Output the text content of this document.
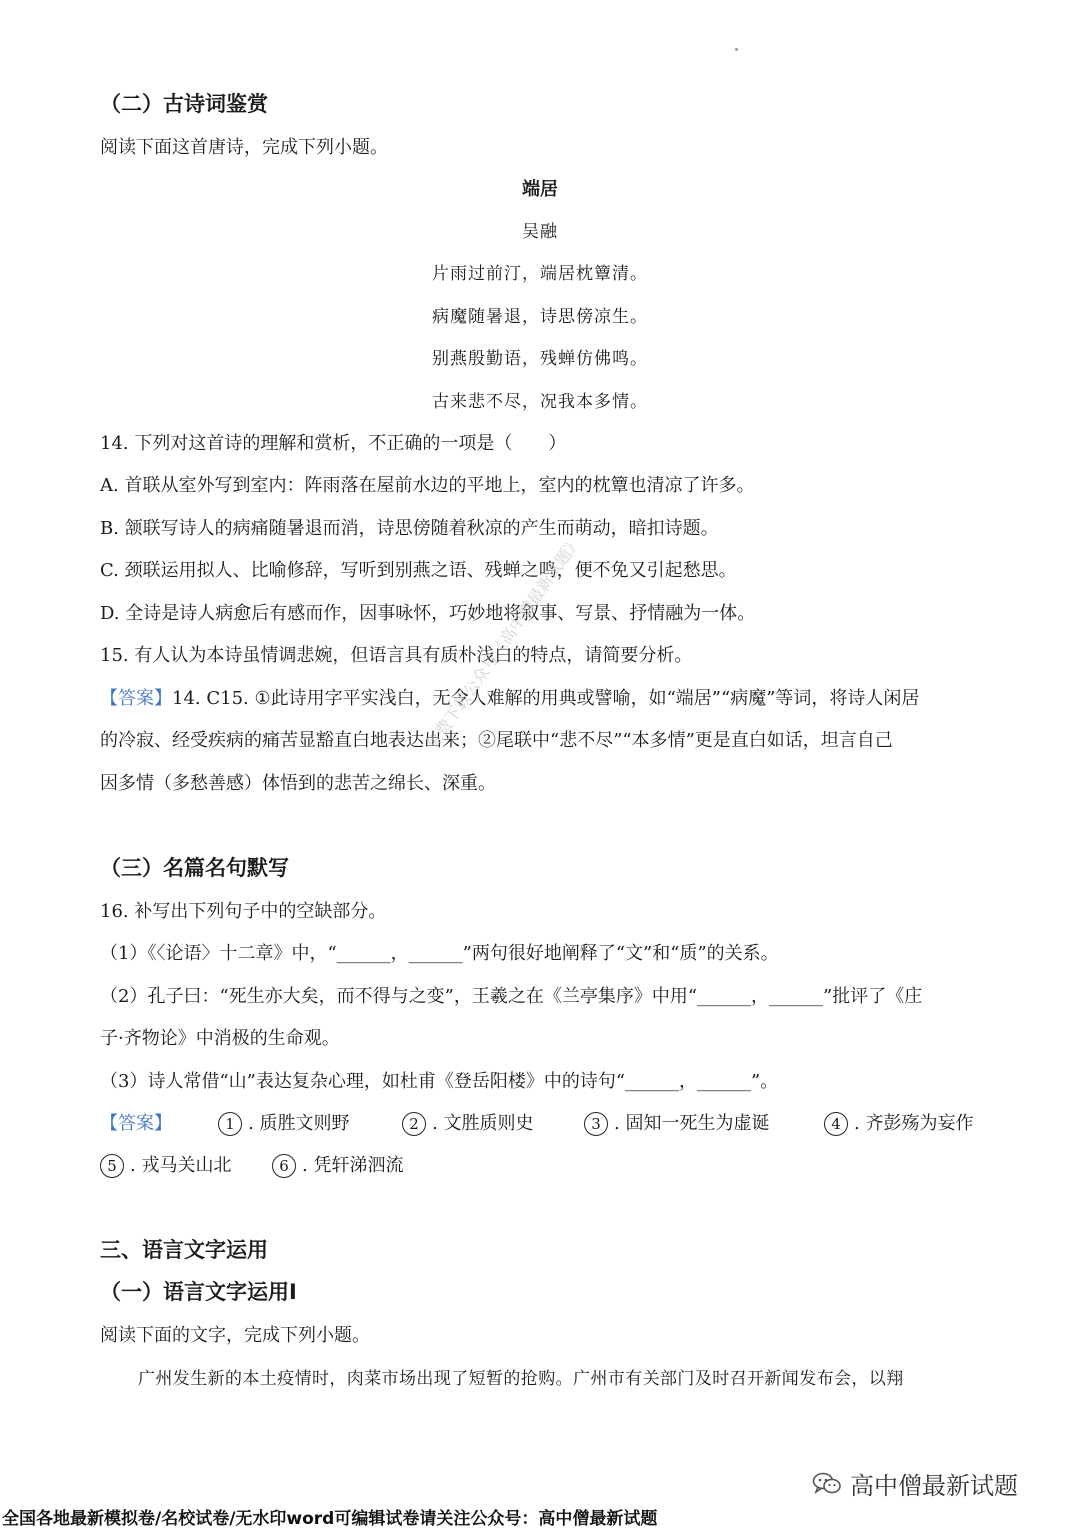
（二）古诗词鉴赏
阅读下面这首唐诗，完成下列小题。
端居
吴融
片雨过前汀，端居枕簟清。
病魔随暑退，诗思傍凉生。
别燕殷勤语，残蝉仿佛鸣。
古来悲不尽，况我本多情。
14. 下列对这首诗的理解和赏析，不正确的一项是（　　）
A. 首联从室外写到室内：阵雨落在屋前水边的平地上，室内的枕簟也清凉了许多。
B. 颔联写诗人的病痛随暑退而消，诗思傍随着秋凉的产生而萌动，暗扣诗题。
C. 颈联运用拟人、比喻修辞，写听到别燕之语、残蝉之鸣，便不免又引起愁思。
D. 全诗是诗人病愈后有感而作，因事咏怀，巧妙地将叙事、写景、抒情融为一体。
15. 有人认为本诗虽情调悲婉，但语言具有质朴浅白的特点，请简要分析。
【答案】14. C15. ①此诗用字平实浅白，无令人难解的用典或譬喻，如“端居”“病魔”等词，将诗人闲居
的冷寂、经受疾病的痛苦显豁直白地表达出来；②尾联中“悲不尽”“本多情”更是直白如话，坦言自己
因多情（多愁善感）体悟到的悲苦之绵长、深重。
免费下载公众号《高中僧最新试题》
（三）名篇名句默写
16. 补写出下列句子中的空缺部分。
（1）《〈论语〉十二章》中，“______，______”两句很好地阐释了“文”和“质”的关系。
（2）孔子曰：“死生亦大矣，而不得与之变”，王羲之在《兰亭集序》中用“______，______”批评了《庄
子·齐物论》中消极的生命观。
（3）诗人常借“山”表达复杂心理，如杜甫《登岳阳楼》中的诗句“______，______”。
【答案】	1 . 质胜文则野	2 . 文胜质则史	3 . 固知一死生为虚诞	4 . 齐彭殇为妄作
5 . 戎马关山北	6 . 凭轩涕泗流
三、语言文字运用
（一）语言文字运用Ⅰ
阅读下面的文字，完成下列小题。
广州发生新的本土疫情时，肉菜市场出现了短暂的抢购。广州市有关部门及时召开新闻发布会，以翔
高中僧最新试题
全国各地最新模拟卷/名校试卷/无水印word可编辑试卷请关注公众号：高中僧最新试题
